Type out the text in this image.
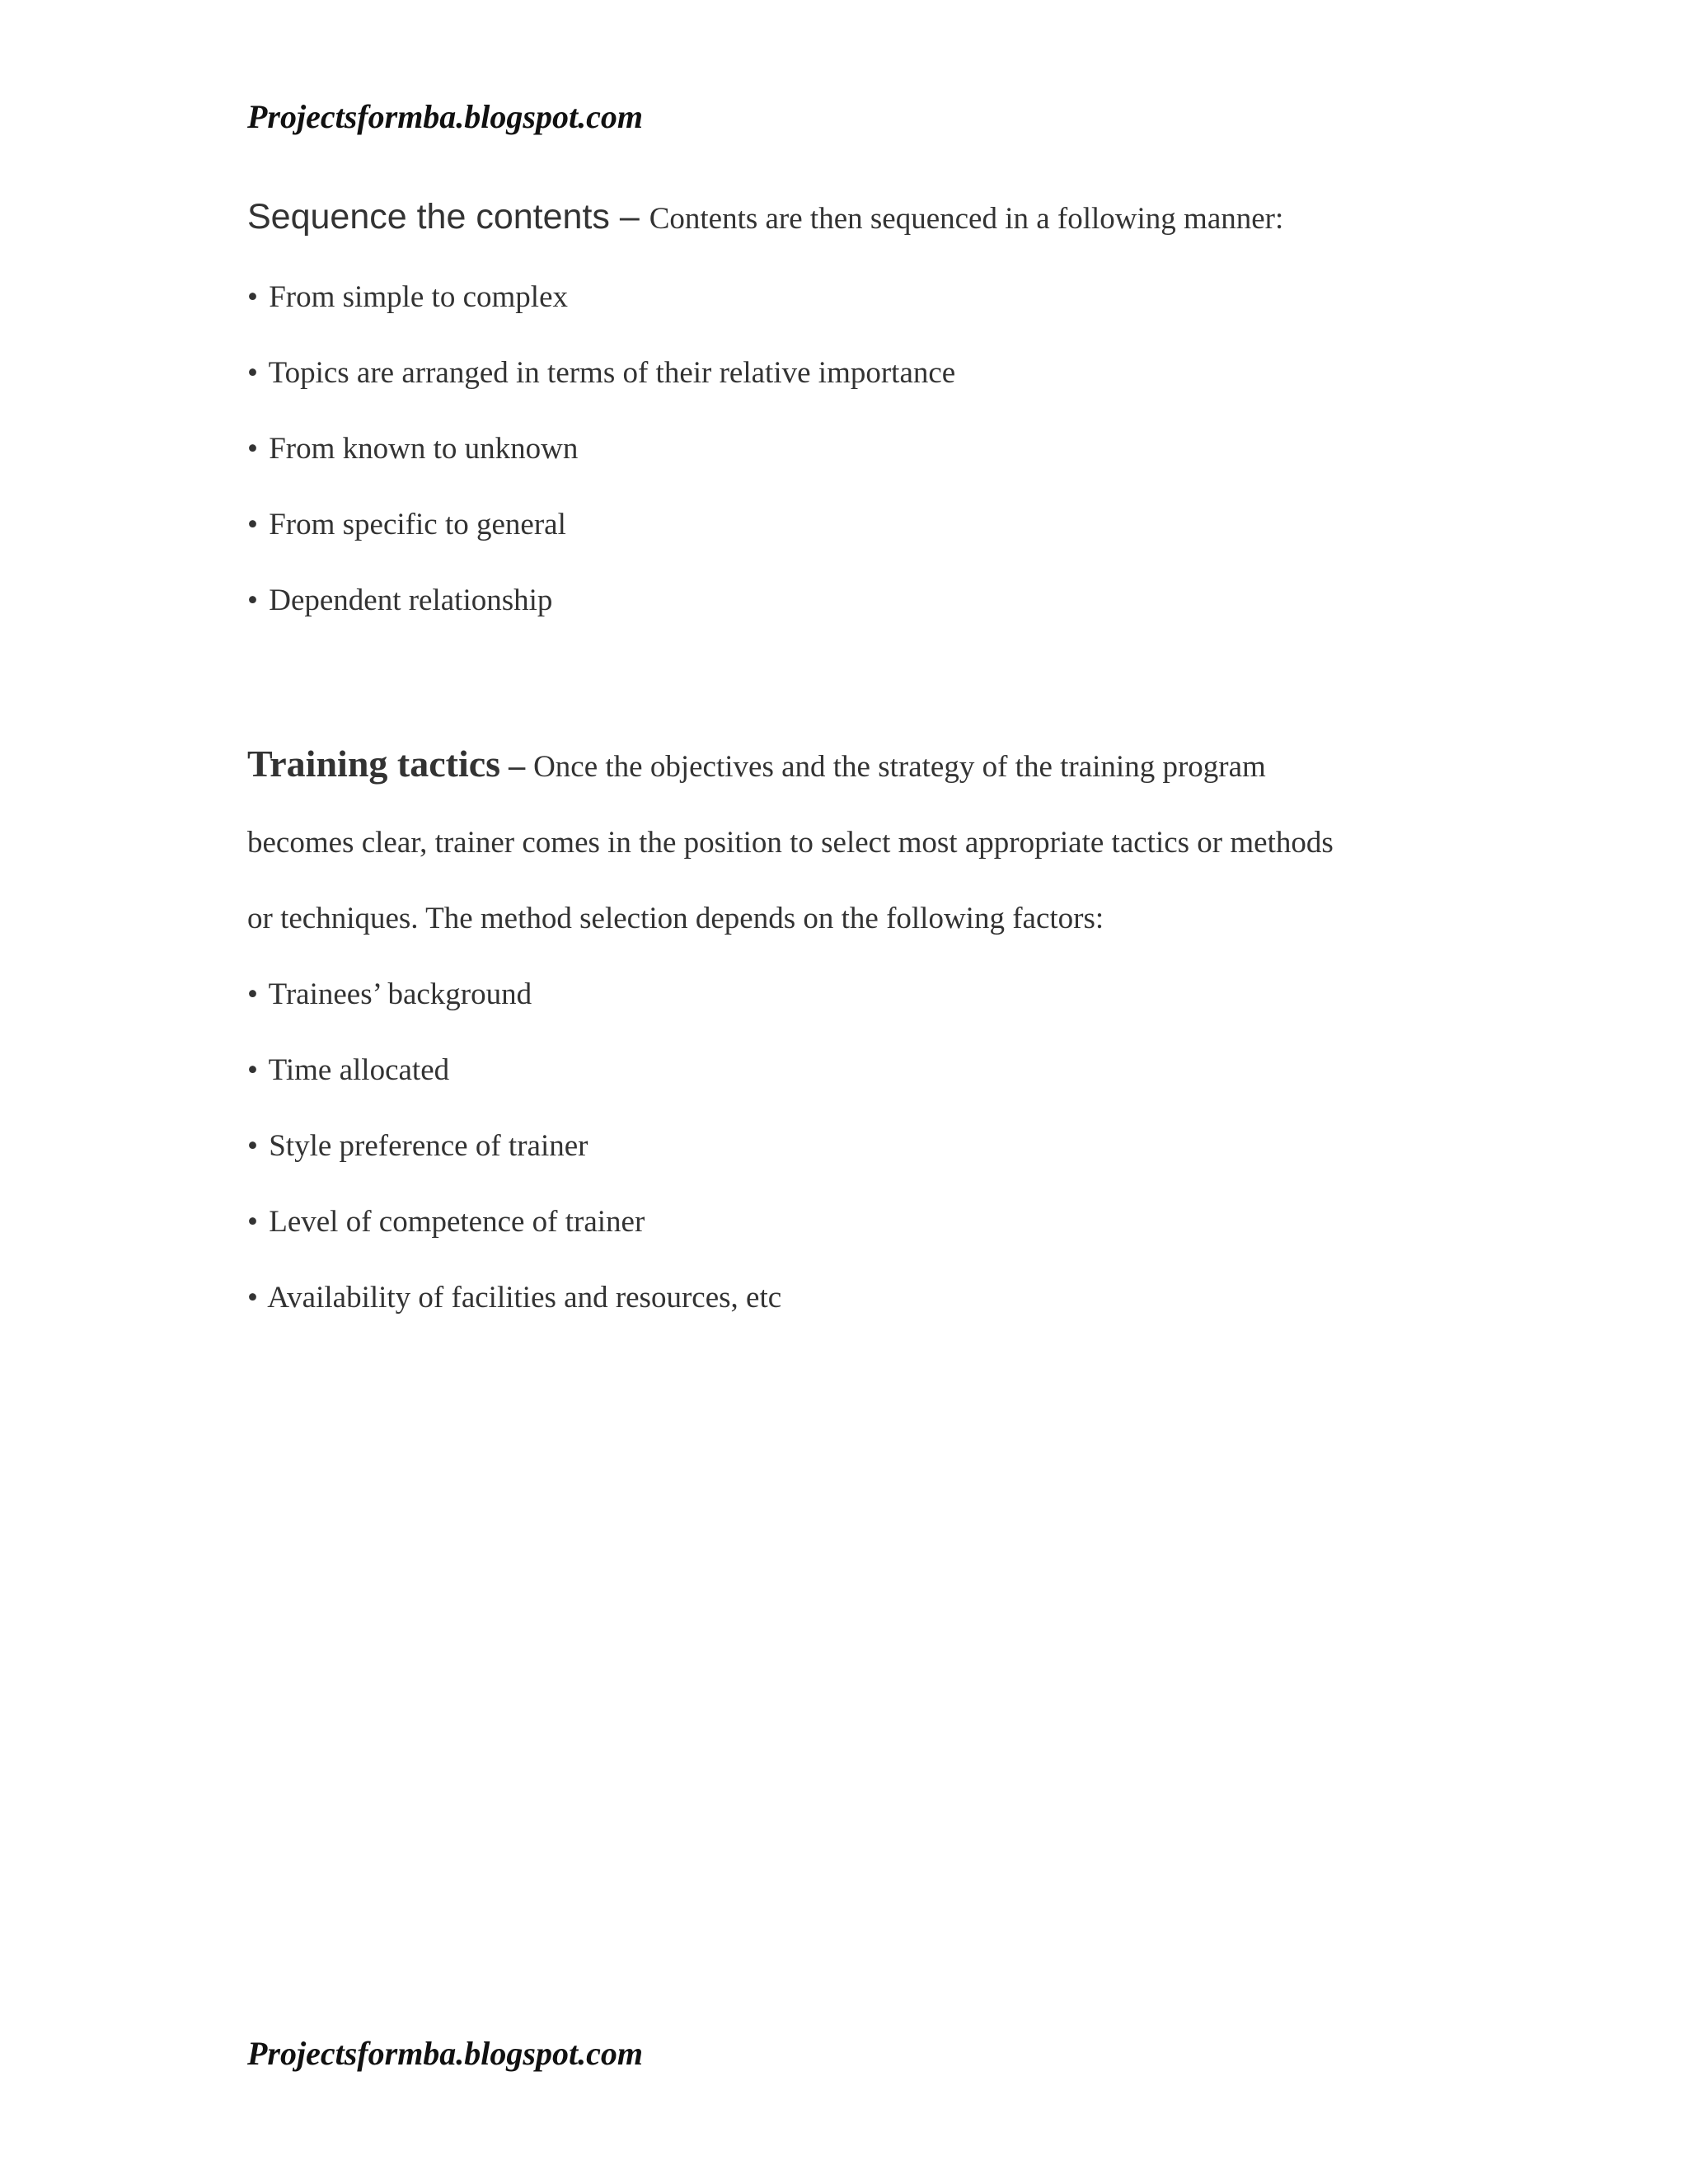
Projectsformba.blogspot.com
Sequence the contents – Contents are then sequenced in a following manner:
• From simple to complex
• Topics are arranged in terms of their relative importance
• From known to unknown
• From specific to general
• Dependent relationship
Training tactics – Once the objectives and the strategy of the training program
becomes clear, trainer comes in the position to select most appropriate tactics or methods
or techniques. The method selection depends on the following factors:
• Trainees’ background
• Time allocated
• Style preference of trainer
• Level of competence of trainer
• Availability of facilities and resources, etc
Projectsformba.blogspot.com
